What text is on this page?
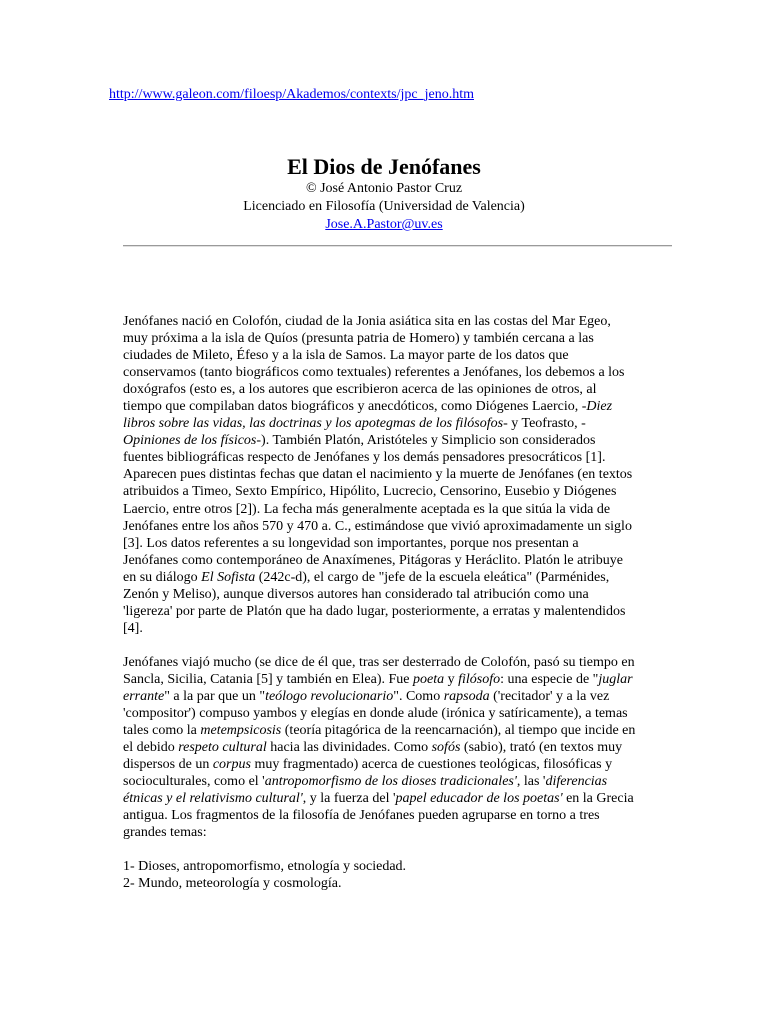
http://www.galeon.com/filoesp/Akademos/contexts/jpc_jeno.htm
El Dios de Jenófanes
© José Antonio Pastor Cruz
Licenciado en Filosofía (Universidad de Valencia)
Jose.A.Pastor@uv.es

Jenófanes nació en Colofón, ciudad de la Jonia asiática sita en las costas del Mar Egeo, muy próxima a la isla de Quíos (presunta patria de Homero) y también cercana a las ciudades de Mileto, Éfeso y a la isla de Samos. La mayor parte de los datos que conservamos (tanto biográficos como textuales) referentes a Jenófanes, los debemos a los doxógrafos (esto es, a los autores que escribieron acerca de las opiniones de otros, al tiempo que compilaban datos biográficos y anecdóticos, como Diógenes Laercio, -Diez libros sobre las vidas, las doctrinas y los apotegmas de los filósofos- y Teofrasto, -Opiniones de los físicos-). También Platón, Aristóteles y Simplicio son considerados fuentes bibliográficas respecto de Jenófanes y los demás pensadores presocráticos [1]. Aparecen pues distintas fechas que datan el nacimiento y la muerte de Jenófanes (en textos atribuidos a Timeo, Sexto Empírico, Hipólito, Lucrecio, Censorino, Eusebio y Diógenes Laercio, entre otros [2]). La fecha más generalmente aceptada es la que sitúa la vida de Jenófanes entre los años 570 y 470 a. C., estimándose que vivió aproximadamente un siglo [3]. Los datos referentes a su longevidad son importantes, porque nos presentan a Jenófanes como contemporáneo de Anaxímenes, Pitágoras y Heráclito. Platón le atribuye en su diálogo El Sofista (242c-d), el cargo de "jefe de la escuela eleática" (Parménides, Zenón y Meliso), aunque diversos autores han considerado tal atribución como una 'ligereza' por parte de Platón que ha dado lugar, posteriormente, a erratas y malentendidos [4].

Jenófanes viajó mucho (se dice de él que, tras ser desterrado de Colofón, pasó su tiempo en Sancla, Sicilia, Catania [5] y también en Elea). Fue poeta y filósofo: una especie de "juglar errante" a la par que un "teólogo revolucionario". Como rapsoda ('recitador' y a la vez 'compositor') compuso yambos y elegías en donde alude (irónica y satíricamente), a temas tales como la metempsicosis (teoría pitagórica de la reencarnación), al tiempo que incide en el debido respeto cultural hacia las divinidades. Como sofós (sabio), trató (en textos muy dispersos de un corpus muy fragmentado) acerca de cuestiones teológicas, filosóficas y socioculturales, como el 'antropomorfismo de los dioses tradicionales', las 'diferencias étnicas y el relativismo cultural', y la fuerza del 'papel educador de los poetas' en la Grecia antigua. Los fragmentos de la filosofía de Jenófanes pueden agruparse en torno a tres grandes temas:

1- Dioses, antropomorfismo, etnología y sociedad.
2- Mundo, meteorología y cosmología.
